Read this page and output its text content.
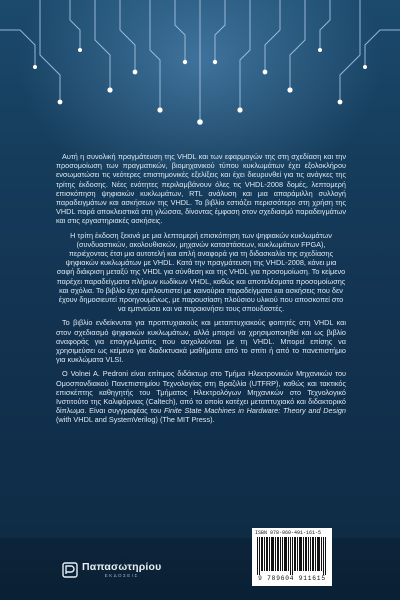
Αυτή η συνολική πραγμάτευση της VHDL και των εφαρμογών της στη σχεδίαση και την προσομοίωση των πραγματικών, βιομηχανικού τύπου κυκλωμάτων έχει εξολοκλήρου ενσωματώσει τις νεότερες επιστημονικές εξελίξεις και έχει διευρυνθεί για τις ανάγκες της τρίτης έκδοσης. Νέες ενότητες περιλαμβάνουν όλες τις VHDL-2008 δομές, λεπτομερή επισκόπηση ψηφιακών κυκλωμάτων, RTL ανάλυση και μια απαράμιλλη συλλογή παραδειγμάτων και ασκήσεων της VHDL. Το βιβλίο εστιάζει περισσότερο στη χρήση της VHDL παρά αποκλειστικά στη γλώσσα, δίνοντας έμφαση στον σχεδιασμό παραδειγμάτων και στις εργαστηριακές ασκήσεις.

Η τρίτη έκδοση ξεκινά με μια λεπτομερή επισκόπηση των ψηφιακών κυκλωμάτων (συνδυαστικών, ακολουθιακών, μηχανών καταστάσεων, κυκλωμάτων FPGA), περιέχοντας έτσι μια αυτοτελή και απλή αναφορά για τη διδασκαλία της σχεδίασης ψηφιακών κυκλωμάτων με VHDL. Κατά την πραγμάτευση της VHDL-2008, κάνει μια σαφή διάκριση μεταξύ της VHDL για σύνθεση και της VHDL για προσομοίωση. Το κείμενο παρέχει παραδείγματα πλήρων κωδίκων VHDL, καθώς και αποτελέσματα προσομοίωσης και σχόλια. Το βιβλίο έχει εμπλουτιστεί με καινούρια παραδείγματα και ασκήσεις που δεν έχουν δημοσιευτεί προηγουμένως, με παρουσίαση πλούσιου υλικού που αποσκοπεί στο να εμπνεύσει και να παρακινήσει τους σπουδαστές.

Το βιβλίο ενδείκνυται για προπτυχιακούς και μεταπτυχιακούς φοιτητές στη VHDL και στον σχεδιασμό ψηφιακών κυκλωμάτων, αλλά μπορεί να χρησιμοποιηθεί και ως βιβλίο αναφοράς για επαγγελματίες που ασχολούνται με τη VHDL. Μπορεί επίσης να χρησιμεύσει ως κείμενο για διαδικτυακά μαθήματα από το σπίτι ή από το πανεπιστήμιο για κυκλώματα VLSI.

Ο Volnei A. Pedroni είναι επίτιμος διδάκτωρ στο Τμήμα Ηλεκτρονικών Μηχανικών του Ομοσπονδιακού Πανεπιστημίου Τεχνολογίας στη Βραζιλία (UTFRP), καθώς και τακτικός επισκέπτης καθηγητής του Τμήματος Ηλεκτρολόγων Μηχανικών στο Τεχνολογικό Ινστιτούτο της Καλιφόρνιας (Caltech), από το οποίο κατέχει μεταπτυχιακό και διδακτορικό δίπλωμα. Είναι συγγραφέας του Finite State Machines in Hardware: Theory and Design (with VHDL and SystemVerilog) (The MIT Press).

Παπασωτηρίου
ΕΚΔΟΣΕΙΣ
ISBN 978-960-491-161-5
9 789604 911615
